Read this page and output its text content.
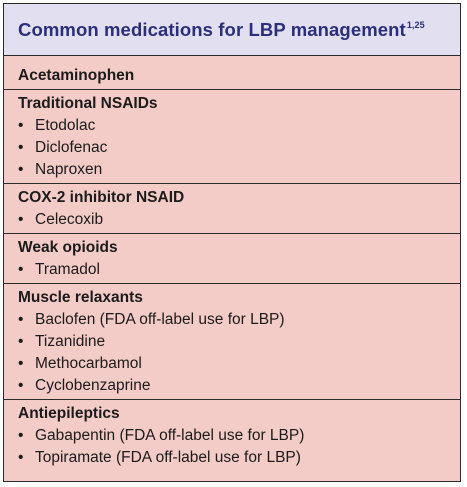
Common medications for LBP management$^{1,25}$
Acetaminophen
Traditional NSAIDs
• Etodolac
• Diclofenac
• Naproxen
COX-2 inhibitor NSAID
• Celecoxib
Weak opioids
• Tramadol
Muscle relaxants
• Baclofen (FDA off-label use for LBP)
• Tizanidine
• Methocarbamol
• Cyclobenzaprine
Antiepileptics
• Gabapentin (FDA off-label use for LBP)
• Topiramate (FDA off-label use for LBP)
